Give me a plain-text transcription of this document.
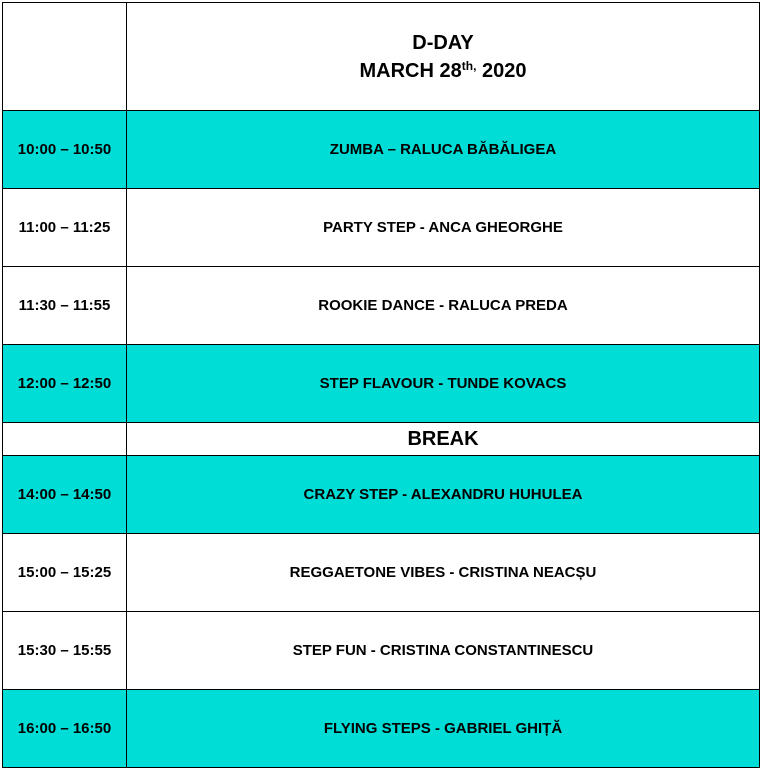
	D-DAY
MARCH $28^{th,}$ 2020

10:00 – 10:50	ZUMBA – RALUCA BĂBĂLIGEA
11:00 – 11:25	PARTY STEP - ANCA GHEORGHE
11:30 – 11:55	ROOKIE DANCE - RALUCA PREDA
12:00 – 12:50	STEP FLAVOUR - TUNDE KOVACS
	BREAK
14:00 – 14:50	CRAZY STEP - ALEXANDRU HUHULEA
15:00 – 15:25	REGGAETONE VIBES - CRISTINA NEACȘU
15:30 – 15:55	STEP FUN - CRISTINA CONSTANTINESCU
16:00 – 16:50	FLYING STEPS - GABRIEL GHIȚĂ
